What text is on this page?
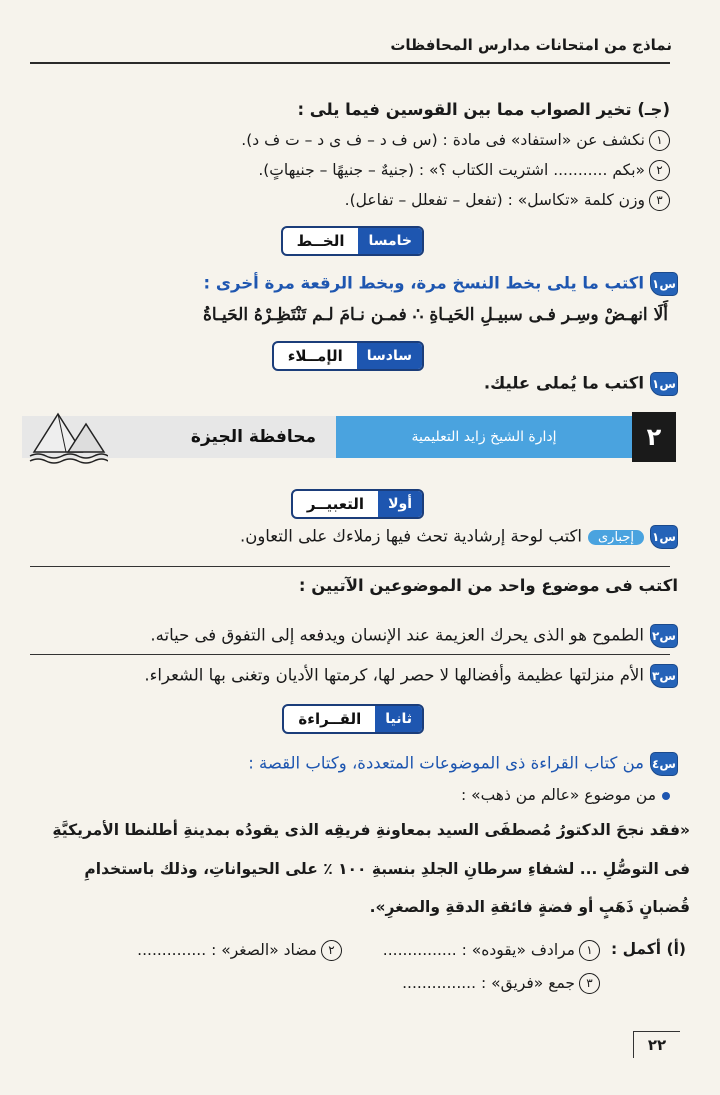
نماذج من امتحانات مدارس المحافظات
(جـ) تخير الصواب مما بين القوسين فيما يلى :
١نكشف عن «استفاد» فى مادة : (س ف د – ف ى د – ت ف د).
٢«بكم ........... اشتريت الكتاب ؟» : (جنيهٌ – جنيهًا – جنيهاتٍ).
٣وزن كلمة «تكاسل» : (تفعل – تفعلل – تفاعل).
خامسا
الخــط
س١اكتب ما يلى بخط النسخ مرة، وبخط الرقعة مرة أخرى :
أَلَا انهـضْ وسِـر فـى سبيـلِ الحَيـاةِ ∴ فمـن نـامَ لـم تَنْتَظِـرْهُ الحَيـاةُ
سادسا
الإمــلاء
س١اكتب ما يُملى عليك.
٢
إدارة الشيخ زايد التعليمية
محافظة الجيزة
أولا
التعبيــر
س١إجبارىاكتب لوحة إرشادية تحث فيها زملاءك على التعاون.
اكتب فى موضوع واحد من الموضوعين الآتيين :
س٢الطموح هو الذى يحرك العزيمة عند الإنسان ويدفعه إلى التفوق فى حياته.
س٣الأم منزلتها عظيمة وأفضالها لا حصر لها، كرمتها الأديان وتغنى بها الشعراء.
ثانيا
القــراءة
س٤من كتاب القراءة ذى الموضوعات المتعددة، وكتاب القصة :
من موضوع «عالم من ذهب» :
«فقد نجحَ الدكتورُ مُصطفَى السيد بمعاونةِ فريقِه الذى يقودُه بمدينةِ أطلنطا الأمريكيَّةِ
فى التوصُّلِ ... لشفاءِ سرطانِ الجلدِ بنسبةِ ١٠٠ ٪ على الحيواناتِ، وذلك باستخدامِ
قُضبانٍ ذَهَبٍ أو فضةٍ فائقةِ الدقةِ والصغرِ».
(أ) أكمل :
١مرادف «يقوده» : ...............
٢مضاد «الصغر» : ..............
٣جمع «فريق» : ...............
٢٢
